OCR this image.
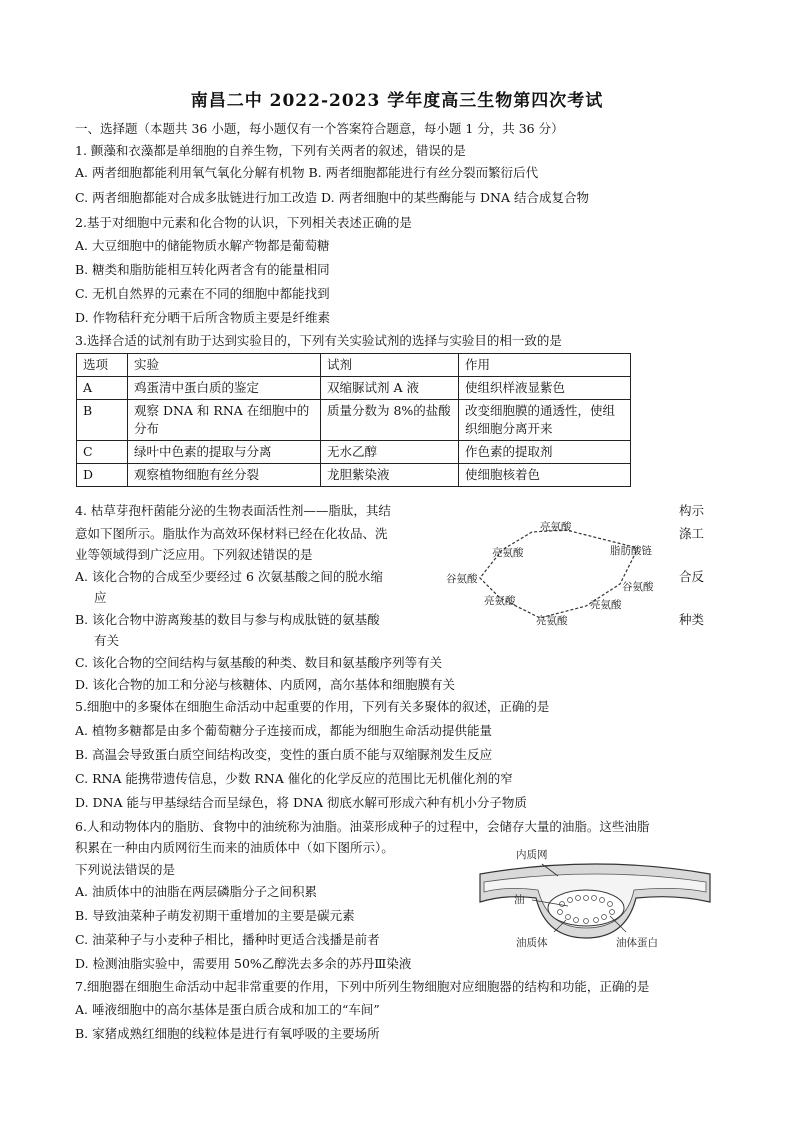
南昌二中 2022-2023 学年度高三生物第四次考试
一、选择题（本题共 36 小题，每小题仅有一个答案符合题意，每小题 1 分，共 36 分）
1. 颤藻和衣藻都是单细胞的自养生物，下列有关两者的叙述，错误的是
A. 两者细胞都能利用氧气氧化分解有机物 B. 两者细胞都能进行有丝分裂而繁衍后代
C. 两者细胞都能对合成多肽链进行加工改造 D. 两者细胞中的某些酶能与 DNA 结合成复合物
2.基于对细胞中元素和化合物的认识，下列相关表述正确的是
A. 大豆细胞中的储能物质水解产物都是葡萄糖
B. 糖类和脂肪能相互转化两者含有的能量相同
C. 无机自然界的元素在不同的细胞中都能找到
D. 作物秸秆充分晒干后所含物质主要是纤维素
3.选择合适的试剂有助于达到实验目的，下列有关实验试剂的选择与实验目的相一致的是
选项	实验	试剂	作用
A	鸡蛋清中蛋白质的鉴定	双缩脲试剂 A 液	使组织样液显紫色
B	观察 DNA 和 RNA 在细胞中的分布	质量分数为 8%的盐酸	改变细胞膜的通透性，使组织细胞分离开来
C	绿叶中色素的提取与分离	无水乙醇	作色素的提取剂
D	观察植物细胞有丝分裂	龙胆紫染液	使细胞核着色
4. 枯草芽孢杆菌能分泌的生物表面活性剂——脂肽，其结	构示
意如下图所示。脂肽作为高效环保材料已经在化妆品、洗	涤工
业等领域得到广泛应用。下列叙述错误的是
A. 该化合物的合成至少要经过 6 次氨基酸之间的脱水缩	合反
应
B. 该化合物中游离羧基的数目与参与构成肽链的氨基酸	种类
有关
C. 该化合物的空间结构与氨基酸的种类、数目和氨基酸序列等有关
D. 该化合物的加工和分泌与核糖体、内质网，高尔基体和细胞膜有关
亮氨酸
亮氨酸	脂肪酸链
谷氨酸
谷氨酸
亮氨酸	亮氨酸
亮氨酸
5.细胞中的多聚体在细胞生命活动中起重要的作用，下列有关多聚体的叙述，正确的是
A. 植物多糖都是由多个葡萄糖分子连接而成，都能为细胞生命活动提供能量
B. 高温会导致蛋白质空间结构改变，变性的蛋白质不能与双缩脲剂发生反应
C. RNA 能携带遗传信息，少数 RNA 催化的化学反应的范围比无机催化剂的窄
D. DNA 能与甲基绿结合而呈绿色，将 DNA 彻底水解可形成六种有机小分子物质
6.人和动物体内的脂肪、食物中的油统称为油脂。油菜形成种子的过程中，会储存大量的油脂。这些油脂
积累在一种由内质网衍生而来的油质体中（如下图所示）。
下列说法错误的是
A. 油质体中的油脂在两层磷脂分子之间积累
B. 导致油菜种子萌发初期干重增加的主要是碳元素
C. 油菜种子与小麦种子相比，播种时更适合浅播是前者
D. 检测油脂实验中，需要用 50%乙醇洗去多余的苏丹Ⅲ染液
内质网
油
油质体	油体蛋白
7.细胞器在细胞生命活动中起非常重要的作用，下列中所列生物细胞对应细胞器的结构和功能，正确的是
A. 唾液细胞中的高尔基体是蛋白质合成和加工的“车间”
B. 家猪成熟红细胞的线粒体是进行有氧呼吸的主要场所
